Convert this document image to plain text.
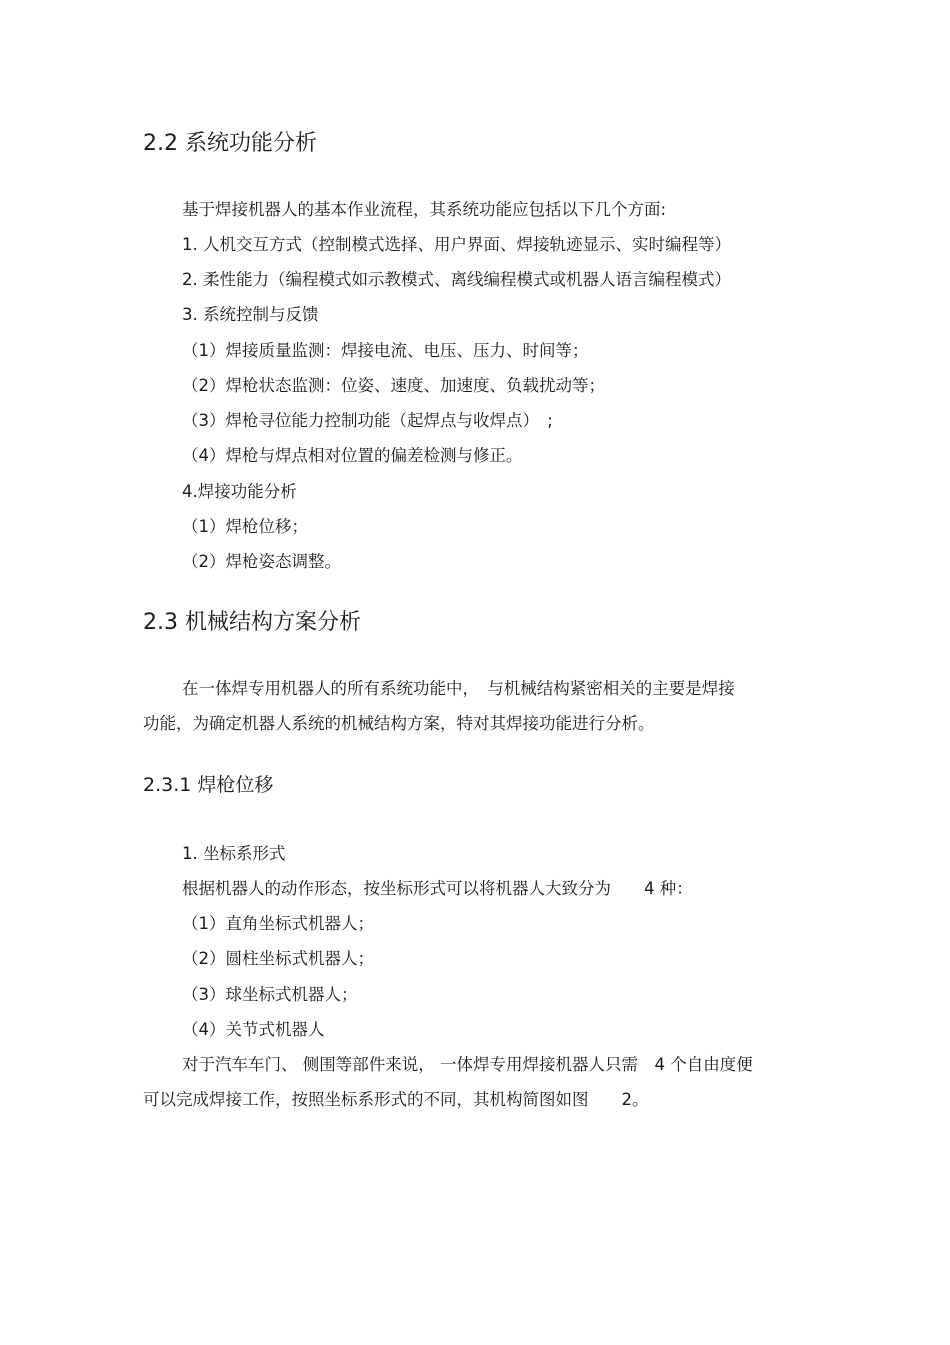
2.2 系统功能分析
基于焊接机器人的基本作业流程，其系统功能应包括以下几个方面:
1. 人机交互方式（控制模式选择、用户界面、焊接轨迹显示、实时编程等）
2. 柔性能力（编程模式如示教模式、离线编程模式或机器人语言编程模式）
3. 系统控制与反馈
（1）焊接质量监测：焊接电流、电压、压力、时间等；
（2）焊枪状态监测：位姿、速度、加速度、负载扰动等；
（3）焊枪寻位能力控制功能（起焊点与收焊点）　;
（4）焊枪与焊点相对位置的偏差检测与修正。
4.焊接功能分析
（1）焊枪位移；
（2）焊枪姿态调整。
2.3 机械结构方案分析
在一体焊专用机器人的所有系统功能中，　与机械结构紧密相关的主要是焊接
功能，为确定机器人系统的机械结构方案，特对其焊接功能进行分析。
2.3.1 焊枪位移
1. 坐标系形式
根据机器人的动作形态，按坐标形式可以将机器人大致分为　　4 种：
（1）直角坐标式机器人；
（2）圆柱坐标式机器人；
（3）球坐标式机器人；
（4）关节式机器人
对于汽车车门、 侧围等部件来说， 一体焊专用焊接机器人只需　4 个自由度便
可以完成焊接工作，按照坐标系形式的不同，其机构简图如图　　2。
